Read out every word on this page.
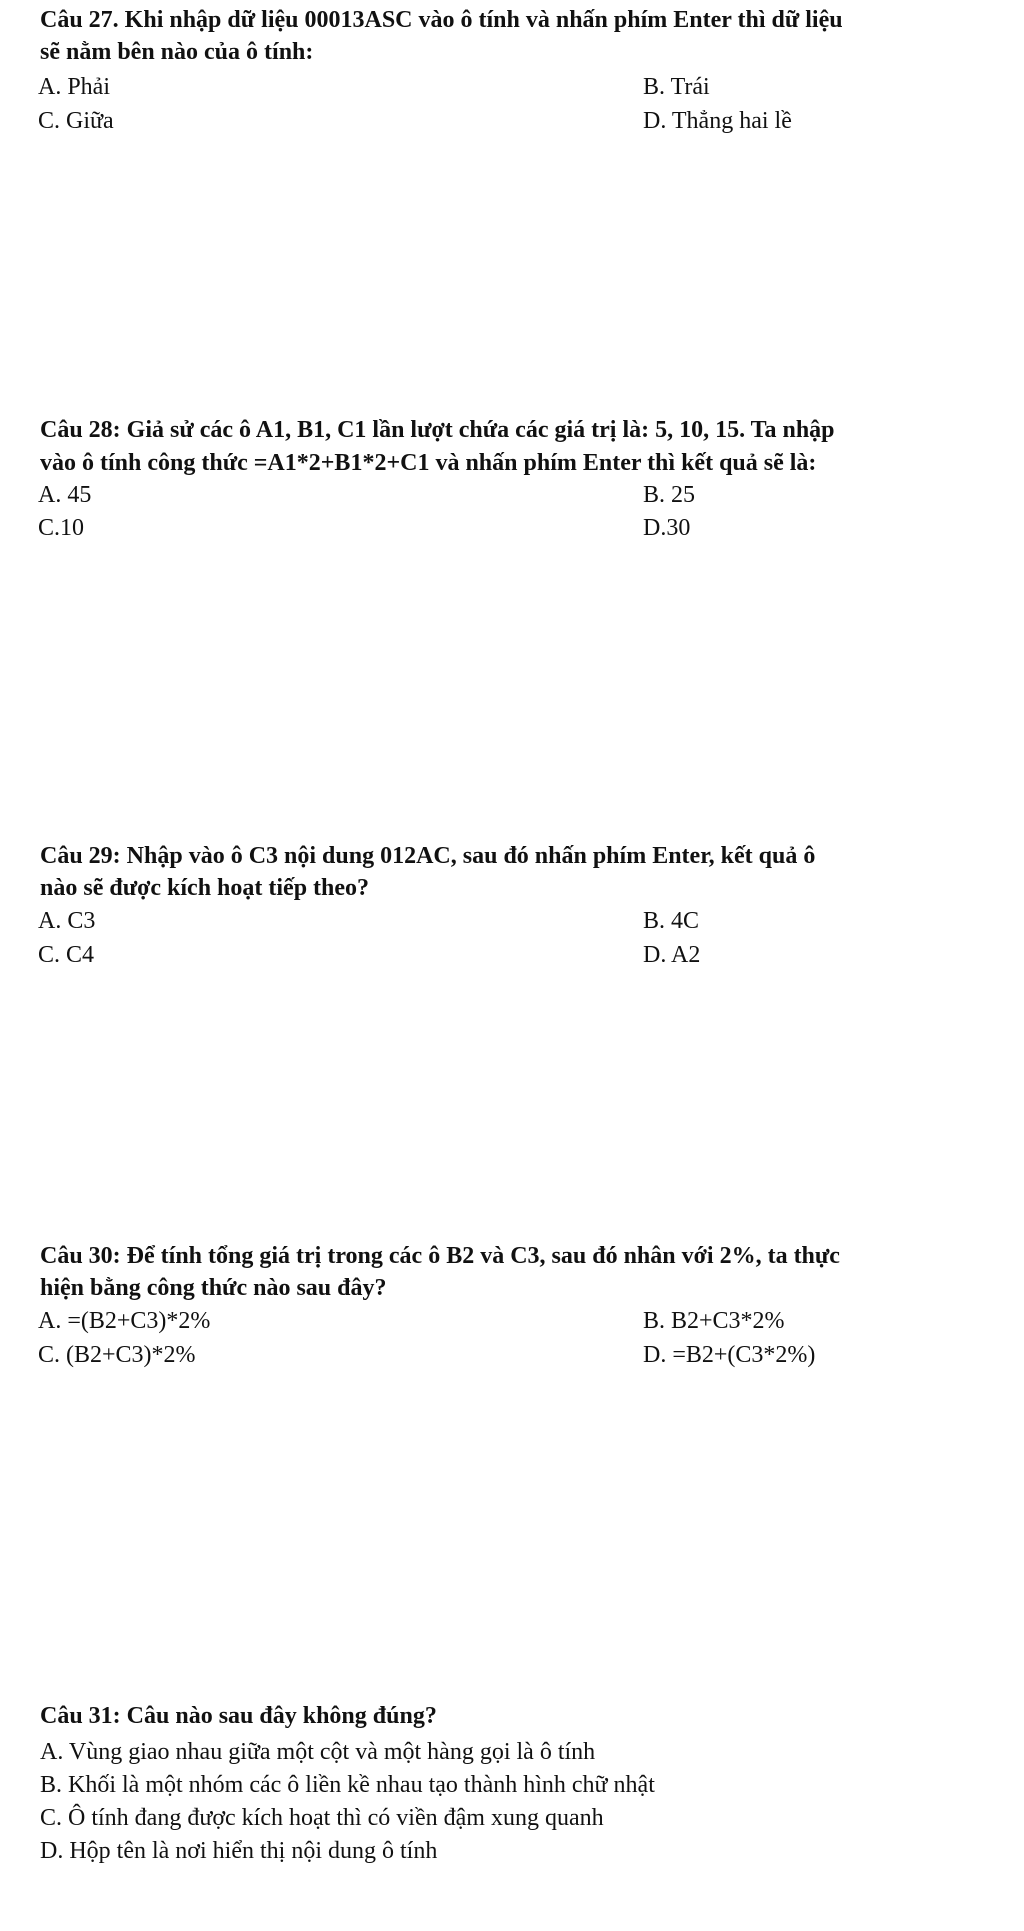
Câu 27. Khi nhập dữ liệu 00013ASC vào ô tính và nhấn phím Enter thì dữ liệu
sẽ nằm bên nào của ô tính:
A. Phải	B. Trái
C. Giữa	D. Thẳng hai lề
Câu 28: Giả sử các ô A1, B1, C1 lần lượt chứa các giá trị là: 5, 10, 15. Ta nhập
vào ô tính công thức =A1*2+B1*2+C1 và nhấn phím Enter thì kết quả sẽ là:
A. 45	B. 25
C.10	D.30
Câu 29: Nhập vào ô C3 nội dung 012AC, sau đó nhấn phím Enter, kết quả ô
nào sẽ được kích hoạt tiếp theo?
A. C3	B. 4C
C. C4	D. A2
Câu 30: Để tính tổng giá trị trong các ô B2 và C3, sau đó nhân với 2%, ta thực
hiện bằng công thức nào sau đây?
A. =(B2+C3)*2%	B. B2+C3*2%
C. (B2+C3)*2%	D. =B2+(C3*2%)
Câu 31: Câu nào sau đây không đúng?
A. Vùng giao nhau giữa một cột và một hàng gọi là ô tính
B. Khối là một nhóm các ô liền kề nhau tạo thành hình chữ nhật
C. Ô tính đang được kích hoạt thì có viền đậm xung quanh
D. Hộp tên là nơi hiển thị nội dung ô tính
